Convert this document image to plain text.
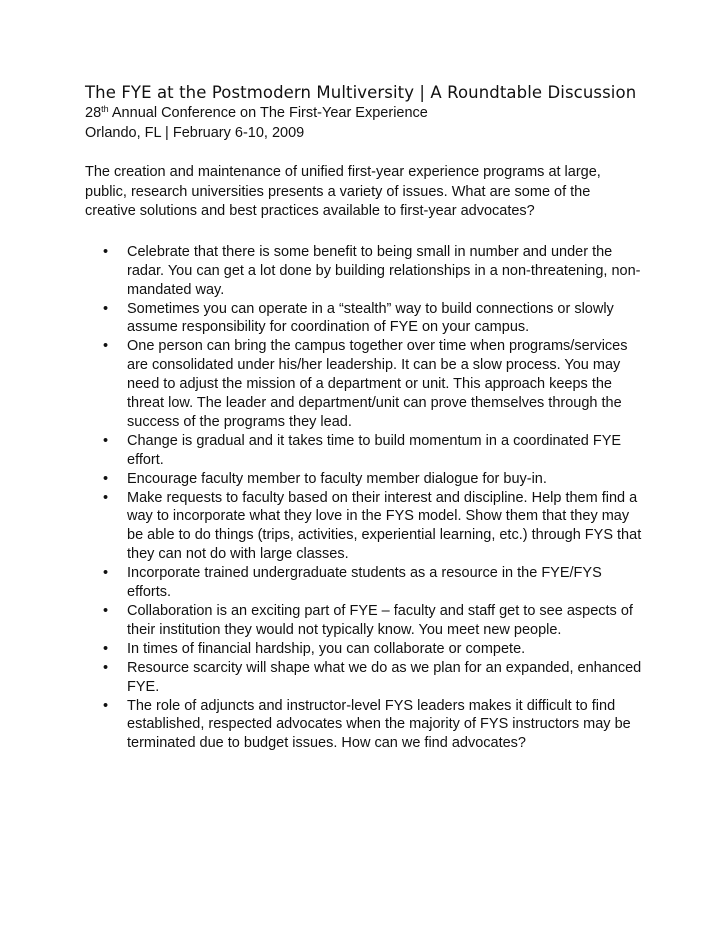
The FYE at the Postmodern Multiversity | A Roundtable Discussion

28th Annual Conference on The First-Year Experience

Orlando, FL | February 6-10, 2009

The creation and maintenance of unified first-year experience programs at large, public, research universities presents a variety of issues. What are some of the creative solutions and best practices available to first-year advocates?

• Celebrate that there is some benefit to being small in number and under the radar. You can get a lot done by building relationships in a non-threatening, non-mandated way.
• Sometimes you can operate in a “stealth” way to build connections or slowly assume responsibility for coordination of FYE on your campus.
• One person can bring the campus together over time when programs/services are consolidated under his/her leadership. It can be a slow process. You may need to adjust the mission of a department or unit. This approach keeps the threat low. The leader and department/unit can prove themselves through the success of the programs they lead.
• Change is gradual and it takes time to build momentum in a coordinated FYE effort.
• Encourage faculty member to faculty member dialogue for buy-in.
• Make requests to faculty based on their interest and discipline. Help them find a way to incorporate what they love in the FYS model. Show them that they may be able to do things (trips, activities, experiential learning, etc.) through FYS that they can not do with large classes.
• Incorporate trained undergraduate students as a resource in the FYE/FYS efforts.
• Collaboration is an exciting part of FYE – faculty and staff get to see aspects of their institution they would not typically know. You meet new people.
• In times of financial hardship, you can collaborate or compete.
• Resource scarcity will shape what we do as we plan for an expanded, enhanced FYE.
• The role of adjuncts and instructor-level FYS leaders makes it difficult to find established, respected advocates when the majority of FYS instructors may be terminated due to budget issues. How can we find advocates?
